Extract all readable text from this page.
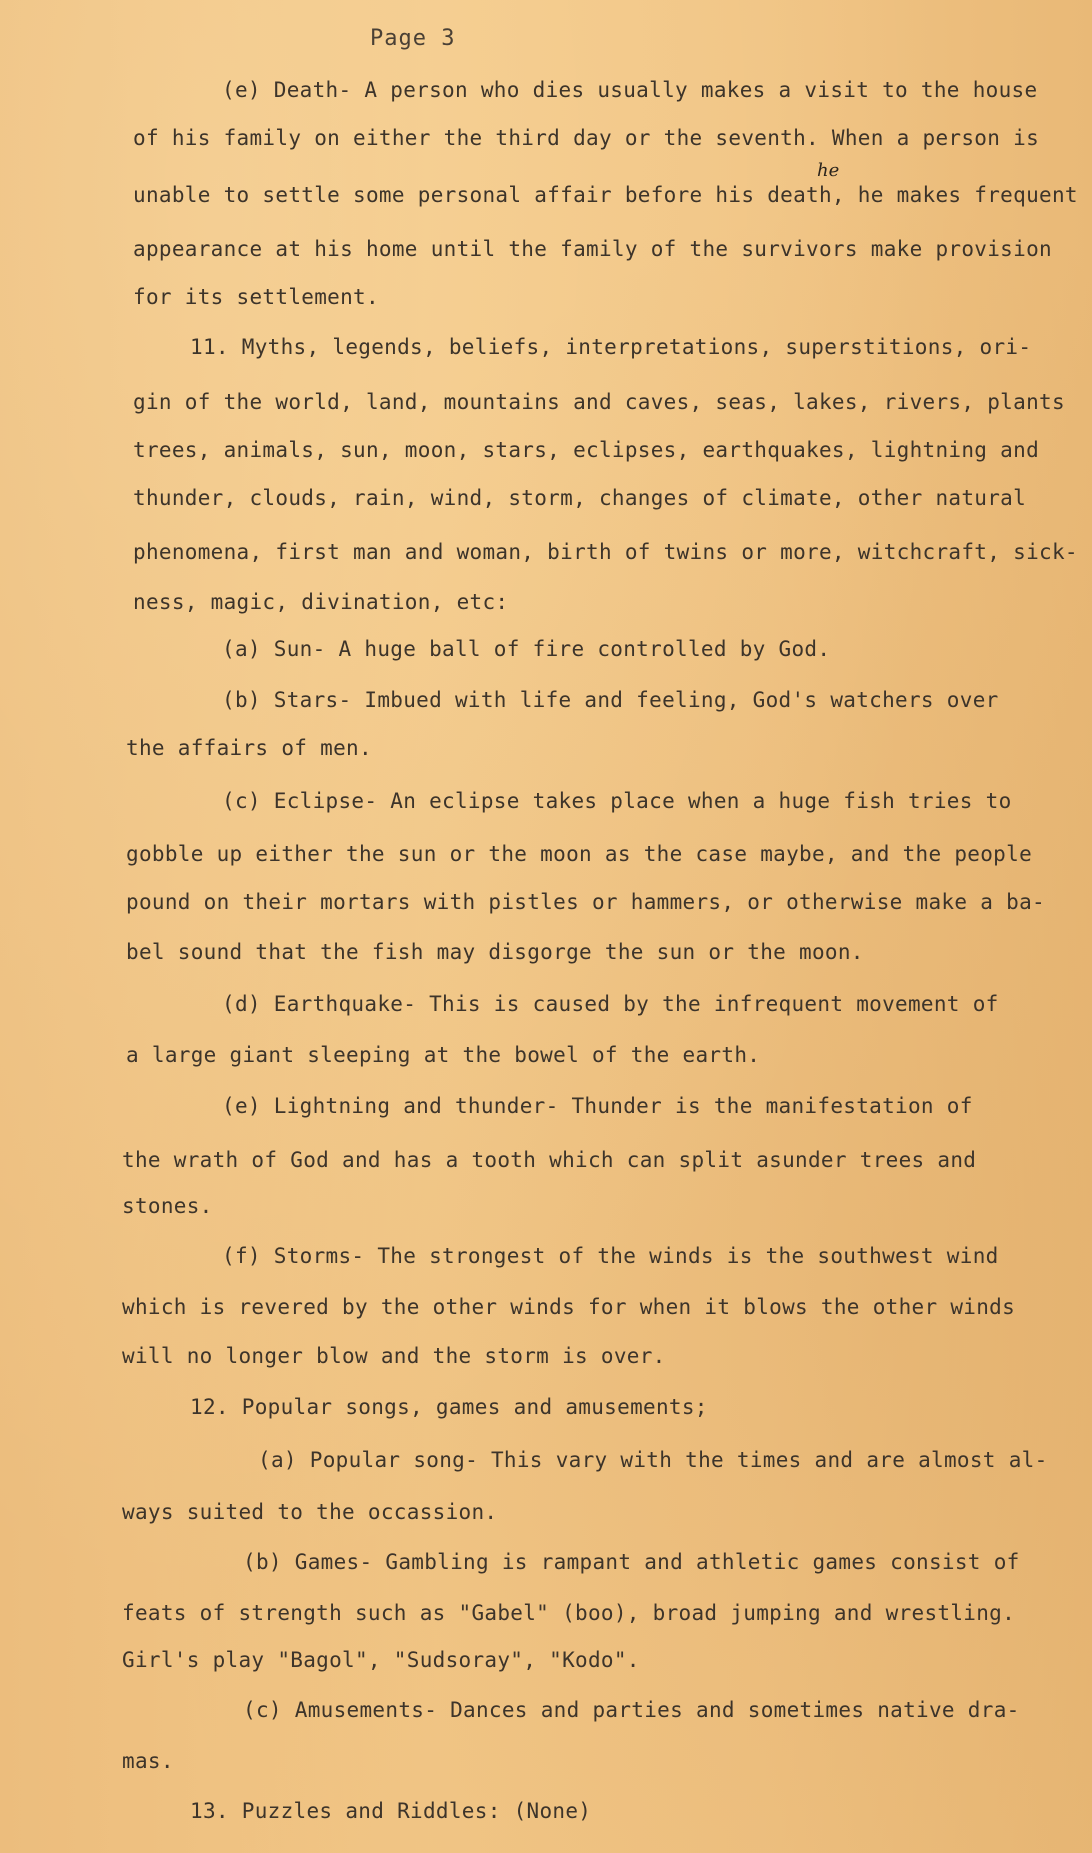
Page 3
(e) Death- A person who dies usually makes a visit to the house
of his family on either the third day or the seventh. When a person is
unable to settle some personal affair before his death, he makes frequent
he
appearance at his home until the family of the survivors make provision
for its settlement.
11. Myths, legends, beliefs, interpretations, superstitions, ori-
gin of the world, land, mountains and caves, seas, lakes, rivers, plants
trees, animals, sun, moon, stars, eclipses, earthquakes, lightning and
thunder, clouds, rain, wind, storm, changes of climate, other natural
phenomena, first man and woman, birth of twins or more, witchcraft, sick-
ness, magic, divination, etc:
(a) Sun- A huge ball of fire controlled by God.
(b) Stars- Imbued with life and feeling, God's watchers over
the affairs of men.
(c) Eclipse- An eclipse takes place when a huge fish tries to
gobble up either the sun or the moon as the case maybe, and the people
pound on their mortars with pistles or hammers, or otherwise make a ba-
bel sound that the fish may disgorge the sun or the moon.
(d) Earthquake- This is caused by the infrequent movement of
a large giant sleeping at the bowel of the earth.
(e) Lightning and thunder- Thunder is the manifestation of
the wrath of God and has a tooth which can split asunder trees and
stones.
(f) Storms- The strongest of the winds is the southwest wind
which is revered by the other winds for when it blows the other winds
will no longer blow and the storm is over.
12. Popular songs, games and amusements;
(a) Popular song- This vary with the times and are almost al-
ways suited to the occassion.
(b) Games- Gambling is rampant and athletic games consist of
feats of strength such as "Gabel" (boo), broad jumping and wrestling.
Girl's play "Bagol", "Sudsoray", "Kodo".
(c) Amusements- Dances and parties and sometimes native dra-
mas.
13. Puzzles and Riddles: (None)
